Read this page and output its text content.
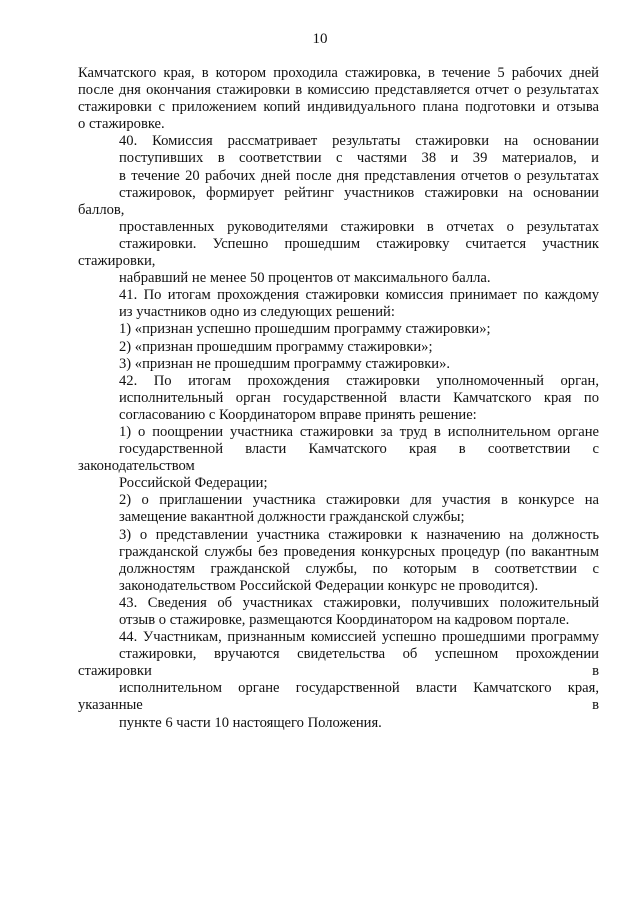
10
Камчатского края, в котором проходила стажировка, в течение 5 рабочих дней
после дня окончания стажировки в комиссию представляется отчет о результатах
стажировки с приложением копий индивидуального плана подготовки и отзыва
о стажировке.
40. Комиссия рассматривает результаты стажировки на основании
поступивших в соответствии с частями 38 и 39 материалов, и
в течение 20 рабочих дней после дня представления отчетов о результатах
стажировок, формирует рейтинг участников стажировки на основании баллов,
проставленных руководителями стажировки в отчетах о результатах
стажировки. Успешно прошедшим стажировку считается участник стажировки,
набравший не менее 50 процентов от максимального балла.
41. По итогам прохождения стажировки комиссия принимает по каждому
из участников одно из следующих решений:
1) «признан успешно прошедшим программу стажировки»;
2) «признан прошедшим программу стажировки»;
3) «признан не прошедшим программу стажировки».
42. По итогам прохождения стажировки уполномоченный орган,
исполнительный орган государственной власти Камчатского края по
согласованию с Координатором вправе принять решение:
1) о поощрении участника стажировки за труд в исполнительном органе
государственной власти Камчатского края в соответствии с законодательством
Российской Федерации;
2) о приглашении участника стажировки для участия в конкурсе на
замещение вакантной должности гражданской службы;
3) о представлении участника стажировки к назначению на должность
гражданской службы без проведения конкурсных процедур (по вакантным
должностям гражданской службы, по которым в соответствии с
законодательством Российской Федерации конкурс не проводится).
43. Сведения об участниках стажировки, получивших положительный
отзыв о стажировке, размещаются Координатором на кадровом портале.
44. Участникам, признанным комиссией успешно прошедшими программу
стажировки, вручаются свидетельства об успешном прохождении стажировки в
исполнительном органе государственной власти Камчатского края, указанные в
пункте 6 части 10 настоящего Положения.
